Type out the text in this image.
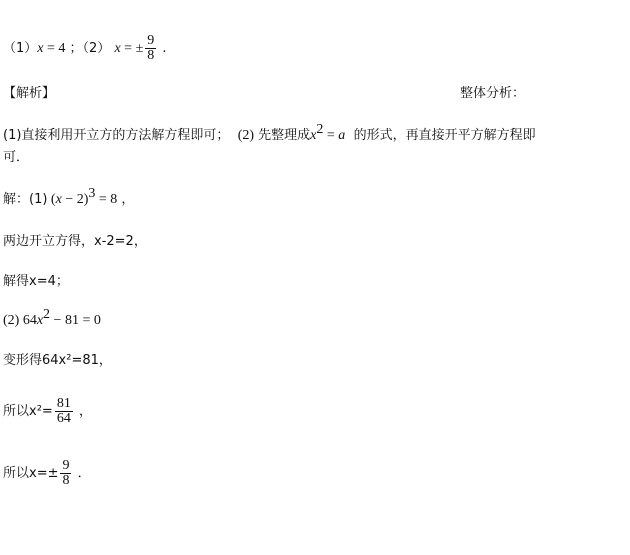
（1）x = 4 ；（2） x = ± $\frac{9}{8}$ .
【解析】	整体分析：
(1)直接利用开立方的方法解方程即可； (2) 先整理成$x^2 = a$ 的形式，再直接开平方解方程即
可．
解：(1) $(x - 2)^3 = 8$ ，
两边开立方得，x-2=2，
解得x=4；
(2) $64x^2 - 81 = 0$
变形得64x²=81，
所以$x^2= \frac{81}{64}$ ，
所以$x=\pm \frac{9}{8}$ ．
